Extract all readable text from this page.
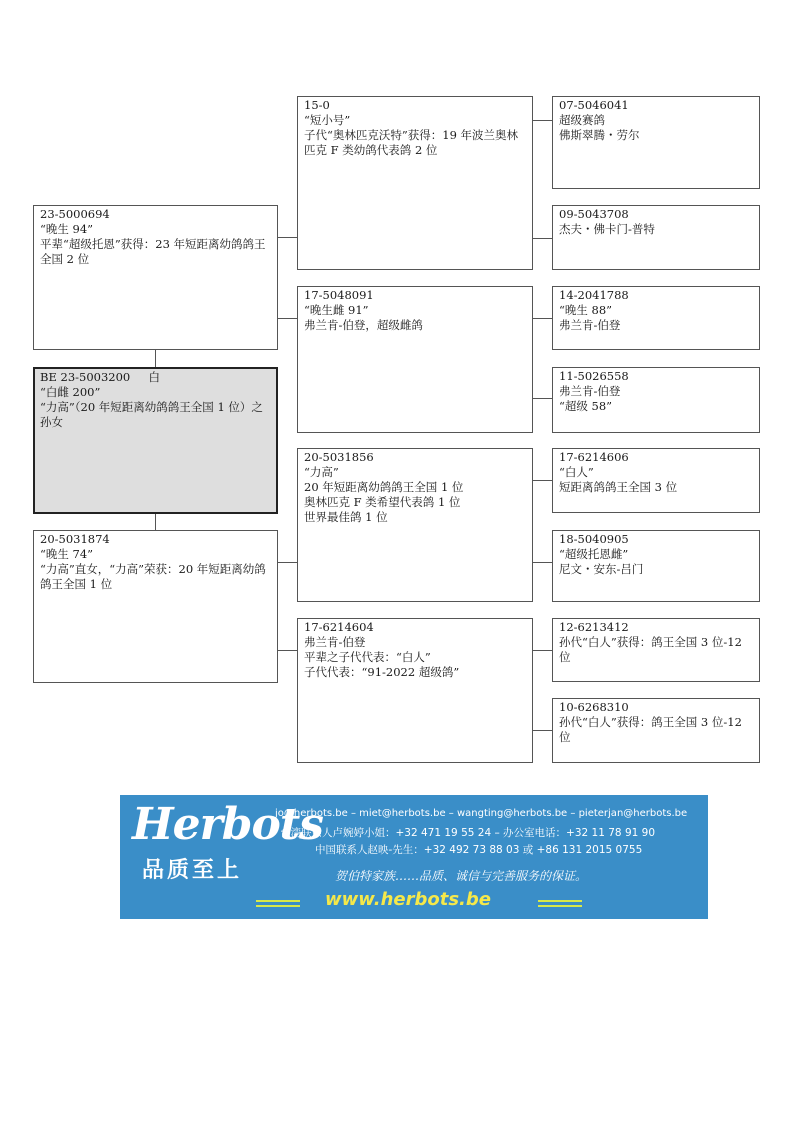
23-5000694
“晚生 94”
平辈“超级托恩”获得：23 年短距离幼鸽鸽王全国 2 位
BE 23-5003200 白
“白雌 200”
“力高”（20 年短距离幼鸽鸽王全国 1 位）之孙女
20-5031874
“晚生 74”
“力高”直女，“力高”荣获：20 年短距离幼鸽鸽王全国 1 位
15-0
“短小号”
子代“奥林匹克沃特”获得：19 年波兰奥林匹克 F 类幼鸽代表鸽 2 位
17-5048091
“晚生雌 91”
弗兰肯-伯登，超级雌鸽
20-5031856
“力高”
20 年短距离幼鸽鸽王全国 1 位
奥林匹克 F 类希望代表鸽 1 位
世界最佳鸽 1 位
17-6214604
弗兰肯-伯登
平辈之子代代表：“白人”
子代代表：“91-2022 超级鸽”
07-5046041
超级赛鸽
佛斯翠腾・劳尔
09-5043708
杰夫・佛卡门-普特
14-2041788
“晚生 88”
弗兰肯-伯登
11-5026558
弗兰肯-伯登
“超级 58”
17-6214606
“白人”
短距离鸽鸽王全国 3 位
18-5040905
“超级托恩雌”
尼文・安东-吕门
12-6213412
孙代“白人”获得：鸽王全国 3 位-12 位
10-6268310
孙代“白人”获得：鸽王全国 3 位-12 位
Herbots
品质至上
jo@herbots.be – miet@herbots.be – wangting@herbots.be – pieterjan@herbots.be
台湾联系人卢婉婷小姐：+32 471 19 55 24 – 办公室电话：+32 11 78 91 90
中国联系人赵映-先生：+32 492 73 88 03 或 +86 131 2015 0755
贺伯特家族……品质、诚信与完善服务的保证。
www.herbots.be
